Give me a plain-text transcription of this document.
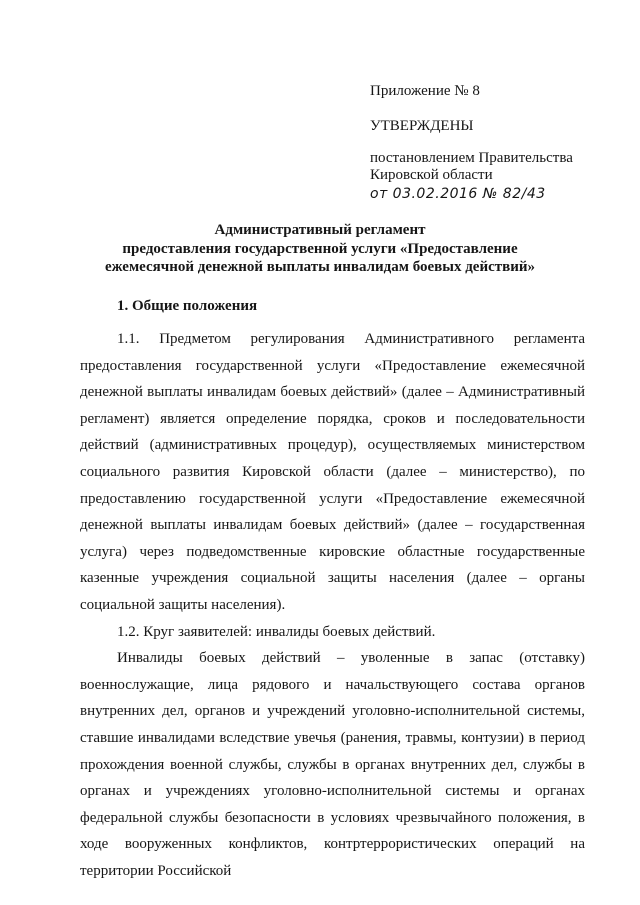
Приложение № 8
УТВЕРЖДЕНЫ
постановлением Правительства
Кировской области
от 03.02.2016 № 82/43
Административный регламент
предоставления государственной услуги «Предоставление
ежемесячной денежной выплаты инвалидам боевых действий»
1. Общие положения

1.1. Предметом регулирования Административного регламента предоставления государственной услуги «Предоставление ежемесячной денежной выплаты инвалидам боевых действий» (далее – Административный регламент) является определение порядка, сроков и последовательности действий (административных процедур), осуществляемых министерством социального развития Кировской области (далее – министерство), по предоставлению государственной услуги «Предоставление ежемесячной денежной выплаты инвалидам боевых действий» (далее – государственная услуга) через подведомственные кировские областные государственные казенные учреждения социальной защиты населения (далее – органы социальной защиты населения).

1.2. Круг заявителей: инвалиды боевых действий.

Инвалиды боевых действий – уволенные в запас (отставку) военнослужащие, лица рядового и начальствующего состава органов внутренних дел, органов и учреждений уголовно-исполнительной системы, ставшие инвалидами вследствие увечья (ранения, травмы, контузии) в период прохождения военной службы, службы в органах внутренних дел, службы в органах и учреждениях уголовно-исполнительной системы и органах федеральной службы безопасности в условиях чрезвычайного положения, в ходе вооруженных конфликтов, контртеррористических операций на территории Российской
